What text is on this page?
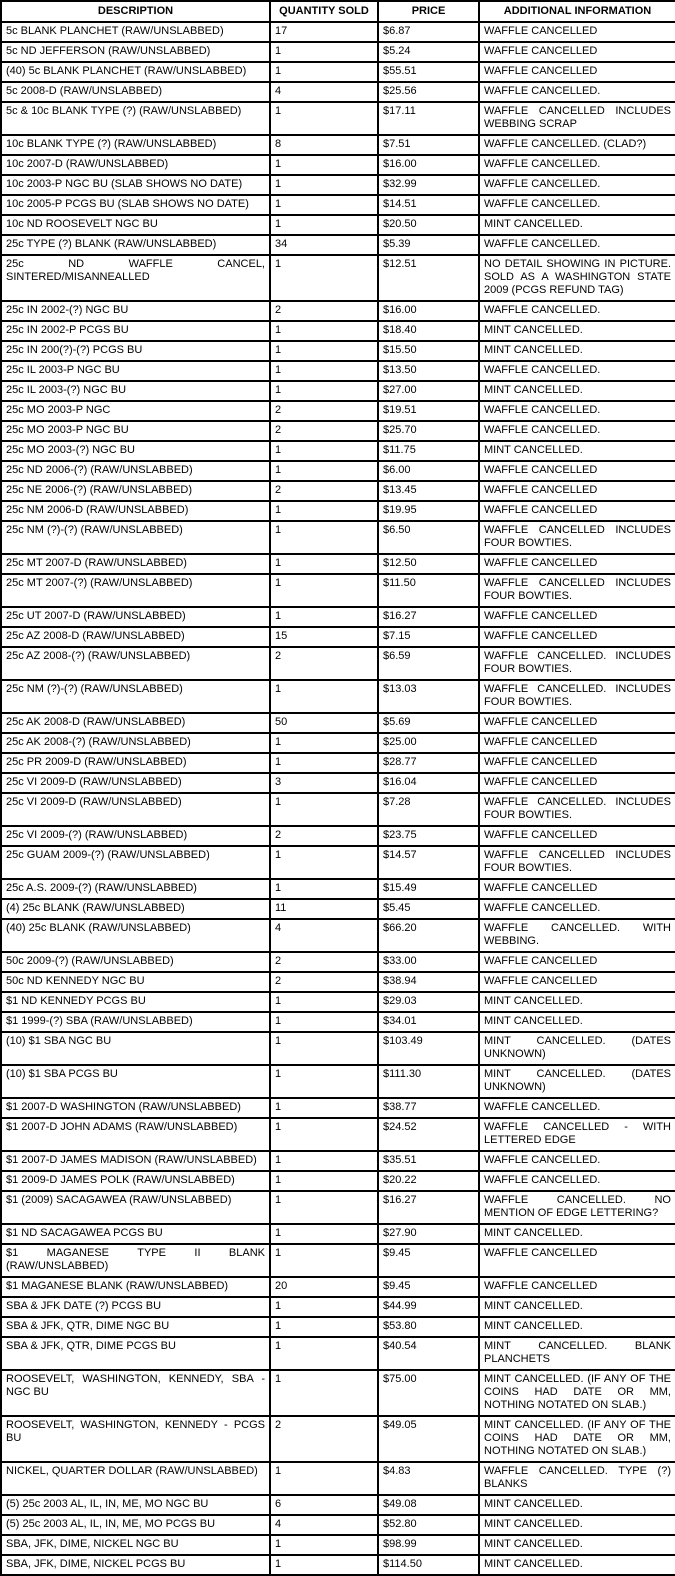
DESCRIPTION	QUANTITY SOLD	PRICE	ADDITIONAL INFORMATION
5c BLANK PLANCHET (RAW/UNSLABBED)	17	$6.87	WAFFLE CANCELLED
5c ND JEFFERSON (RAW/UNSLABBED)	1	$5.24	WAFFLE CANCELLED
(40) 5c BLANK PLANCHET (RAW/UNSLABBED)	1	$55.51	WAFFLE CANCELLED
5c 2008-D (RAW/UNSLABBED)	4	$25.56	WAFFLE CANCELLED.
5c & 10c BLANK TYPE (?) (RAW/UNSLABBED)	1	$17.11	WAFFLE CANCELLED INCLUDES WEBBING SCRAP
10c BLANK TYPE (?) (RAW/UNSLABBED)	8	$7.51	WAFFLE CANCELLED. (CLAD?)
10c 2007-D (RAW/UNSLABBED)	1	$16.00	WAFFLE CANCELLED.
10c 2003-P NGC BU (SLAB SHOWS NO DATE)	1	$32.99	WAFFLE CANCELLED.
10c 2005-P PCGS BU (SLAB SHOWS NO DATE)	1	$14.51	WAFFLE CANCELLED.
10c ND ROOSEVELT NGC BU	1	$20.50	MINT CANCELLED.
25c TYPE (?) BLANK (RAW/UNSLABBED)	34	$5.39	WAFFLE CANCELLED.
25c ND WAFFLE CANCEL, SINTERED/MISANNEALLED	1	$12.51	NO DETAIL SHOWING IN PICTURE. SOLD AS A WASHINGTON STATE 2009 (PCGS REFUND TAG)
25c IN 2002-(?) NGC BU	2	$16.00	WAFFLE CANCELLED.
25c IN 2002-P PCGS BU	1	$18.40	MINT CANCELLED.
25c IN 200(?)-(?) PCGS BU	1	$15.50	MINT CANCELLED.
25c IL 2003-P NGC BU	1	$13.50	WAFFLE CANCELLED.
25c IL 2003-(?) NGC BU	1	$27.00	MINT CANCELLED.
25c MO 2003-P NGC	2	$19.51	WAFFLE CANCELLED.
25c MO 2003-P NGC BU	2	$25.70	WAFFLE CANCELLED.
25c MO 2003-(?) NGC BU	1	$11.75	MINT CANCELLED.
25c ND 2006-(?) (RAW/UNSLABBED)	1	$6.00	WAFFLE CANCELLED
25c NE 2006-(?) (RAW/UNSLABBED)	2	$13.45	WAFFLE CANCELLED
25c NM 2006-D (RAW/UNSLABBED)	1	$19.95	WAFFLE CANCELLED
25c NM (?)-(?) (RAW/UNSLABBED)	1	$6.50	WAFFLE CANCELLED INCLUDES FOUR BOWTIES.
25c MT 2007-D (RAW/UNSLABBED)	1	$12.50	WAFFLE CANCELLED
25c MT 2007-(?) (RAW/UNSLABBED)	1	$11.50	WAFFLE CANCELLED INCLUDES FOUR BOWTIES.
25c UT 2007-D (RAW/UNSLABBED)	1	$16.27	WAFFLE CANCELLED
25c AZ 2008-D (RAW/UNSLABBED)	15	$7.15	WAFFLE CANCELLED
25c AZ 2008-(?) (RAW/UNSLABBED)	2	$6.59	WAFFLE CANCELLED. INCLUDES FOUR BOWTIES.
25c NM (?)-(?) (RAW/UNSLABBED)	1	$13.03	WAFFLE CANCELLED. INCLUDES FOUR BOWTIES.
25c AK 2008-D (RAW/UNSLABBED)	50	$5.69	WAFFLE CANCELLED
25c AK 2008-(?) (RAW/UNSLABBED)	1	$25.00	WAFFLE CANCELLED
25c PR 2009-D (RAW/UNSLABBED)	1	$28.77	WAFFLE CANCELLED
25c VI 2009-D (RAW/UNSLABBED)	3	$16.04	WAFFLE CANCELLED
25c VI 2009-D (RAW/UNSLABBED)	1	$7.28	WAFFLE CANCELLED. INCLUDES FOUR BOWTIES.
25c VI 2009-(?) (RAW/UNSLABBED)	2	$23.75	WAFFLE CANCELLED
25c GUAM 2009-(?) (RAW/UNSLABBED)	1	$14.57	WAFFLE CANCELLED INCLUDES FOUR BOWTIES.
25c A.S. 2009-(?) (RAW/UNSLABBED)	1	$15.49	WAFFLE CANCELLED
(4) 25c BLANK (RAW/UNSLABBED)	11	$5.45	WAFFLE CANCELLED.
(40) 25c BLANK (RAW/UNSLABBED)	4	$66.20	WAFFLE CANCELLED. WITH WEBBING.
50c 2009-(?) (RAW/UNSLABBED)	2	$33.00	WAFFLE CANCELLED
50c ND KENNEDY NGC BU	2	$38.94	WAFFLE CANCELLED
$1 ND KENNEDY PCGS BU	1	$29.03	MINT CANCELLED.
$1 1999-(?) SBA (RAW/UNSLABBED)	1	$34.01	MINT CANCELLED.
(10) $1 SBA NGC BU	1	$103.49	MINT CANCELLED. (DATES UNKNOWN)
(10) $1 SBA PCGS BU	1	$111.30	MINT CANCELLED. (DATES UNKNOWN)
$1 2007-D WASHINGTON (RAW/UNSLABBED)	1	$38.77	WAFFLE CANCELLED.
$1 2007-D JOHN ADAMS (RAW/UNSLABBED)	1	$24.52	WAFFLE CANCELLED - WITH LETTERED EDGE
$1 2007-D JAMES MADISON (RAW/UNSLABBED)	1	$35.51	WAFFLE CANCELLED.
$1 2009-D JAMES POLK (RAW/UNSLABBED)	1	$20.22	WAFFLE CANCELLED.
$1 (2009) SACAGAWEA (RAW/UNSLABBED)	1	$16.27	WAFFLE CANCELLED. NO MENTION OF EDGE LETTERING?
$1 ND SACAGAWEA PCGS BU	1	$27.90	MINT CANCELLED.
$1 MAGANESE TYPE II BLANK (RAW/UNSLABBED)	1	$9.45	WAFFLE CANCELLED
$1 MAGANESE BLANK (RAW/UNSLABBED)	20	$9.45	WAFFLE CANCELLED
SBA & JFK DATE (?) PCGS BU	1	$44.99	MINT CANCELLED.
SBA & JFK, QTR, DIME NGC BU	1	$53.80	MINT CANCELLED.
SBA & JFK, QTR, DIME PCGS BU	1	$40.54	MINT CANCELLED. BLANK PLANCHETS
ROOSEVELT, WASHINGTON, KENNEDY, SBA - NGC BU	1	$75.00	MINT CANCELLED. (IF ANY OF THE COINS HAD DATE OR MM, NOTHING NOTATED ON SLAB.)
ROOSEVELT, WASHINGTON, KENNEDY - PCGS BU	2	$49.05	MINT CANCELLED. (IF ANY OF THE COINS HAD DATE OR MM, NOTHING NOTATED ON SLAB.)
NICKEL, QUARTER DOLLAR (RAW/UNSLABBED)	1	$4.83	WAFFLE CANCELLED. TYPE (?) BLANKS
(5) 25c 2003 AL, IL, IN, ME, MO NGC BU	6	$49.08	MINT CANCELLED.
(5) 25c 2003 AL, IL, IN, ME, MO PCGS BU	4	$52.80	MINT CANCELLED.
SBA, JFK, DIME, NICKEL NGC BU	1	$98.99	MINT CANCELLED.
SBA, JFK, DIME, NICKEL PCGS BU	1	$114.50	MINT CANCELLED.
